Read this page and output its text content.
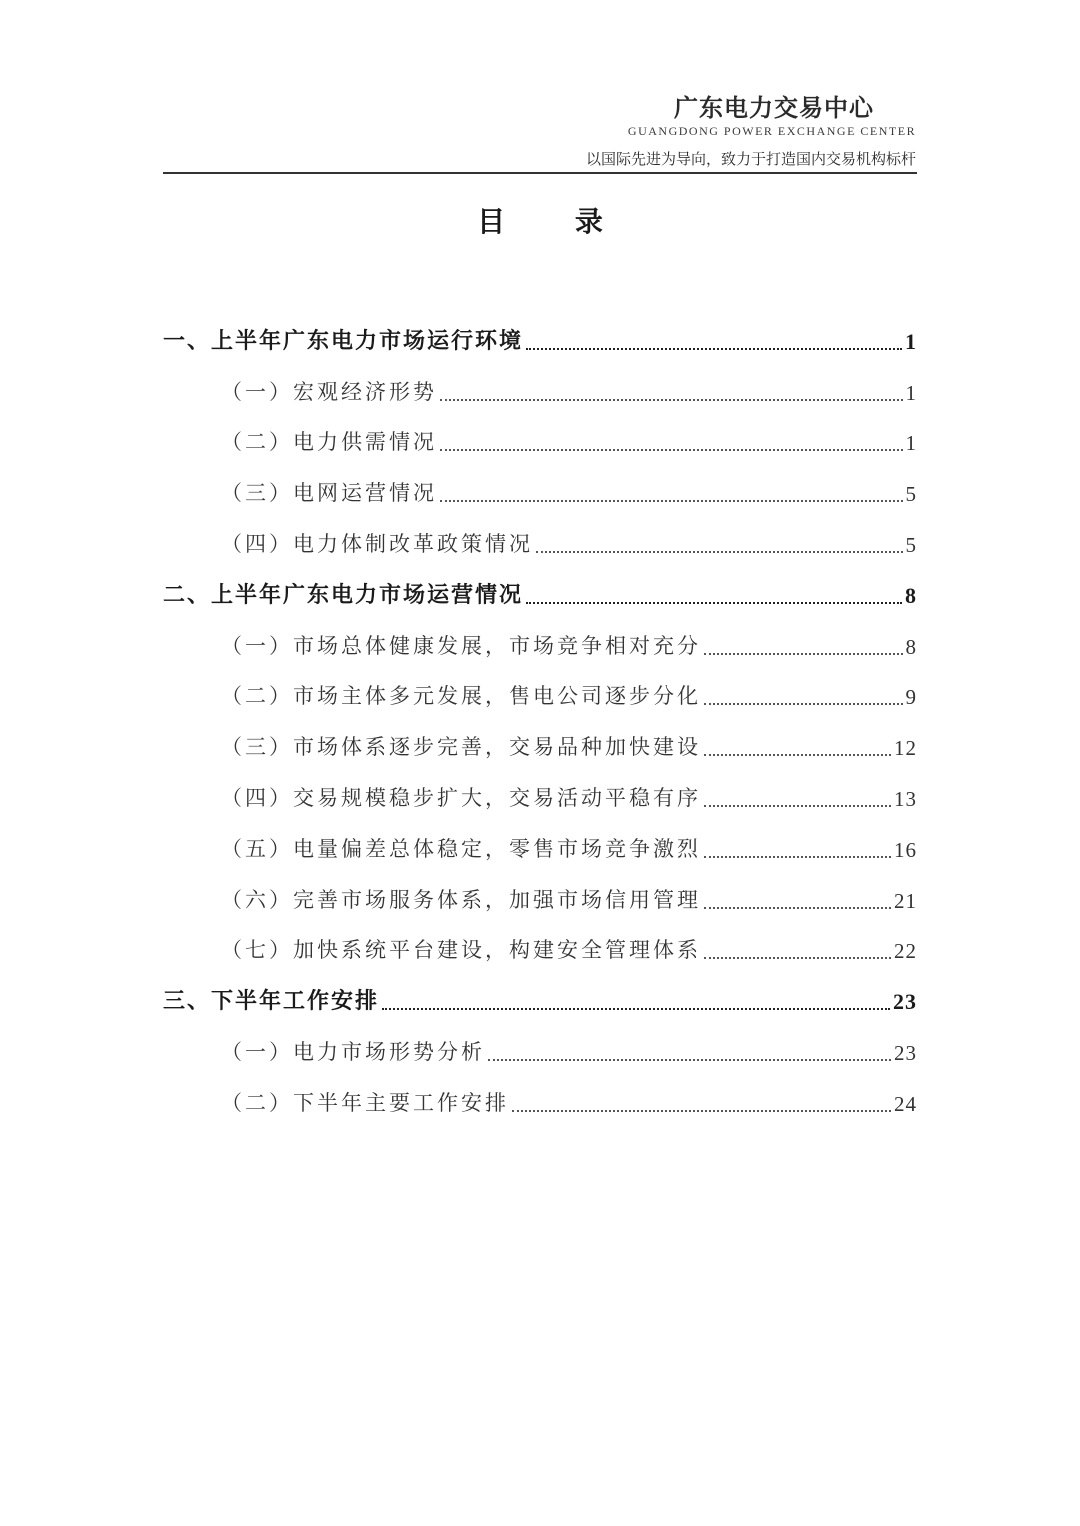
广东电力交易中心
GUANGDONG POWER EXCHANGE CENTER
以国际先进为导向，致力于打造国内交易机构标杆
目 录
一、上半年广东电力市场运行环境	1
（一）宏观经济形势	1
（二）电力供需情况	1
（三）电网运营情况	5
（四）电力体制改革政策情况	5
二、上半年广东电力市场运营情况	8
（一）市场总体健康发展，市场竞争相对充分	8
（二）市场主体多元发展，售电公司逐步分化	9
（三）市场体系逐步完善，交易品种加快建设	12
（四）交易规模稳步扩大，交易活动平稳有序	13
（五）电量偏差总体稳定，零售市场竞争激烈	16
（六）完善市场服务体系，加强市场信用管理	21
（七）加快系统平台建设，构建安全管理体系	22
三、下半年工作安排	23
（一）电力市场形势分析	23
（二）下半年主要工作安排	24
